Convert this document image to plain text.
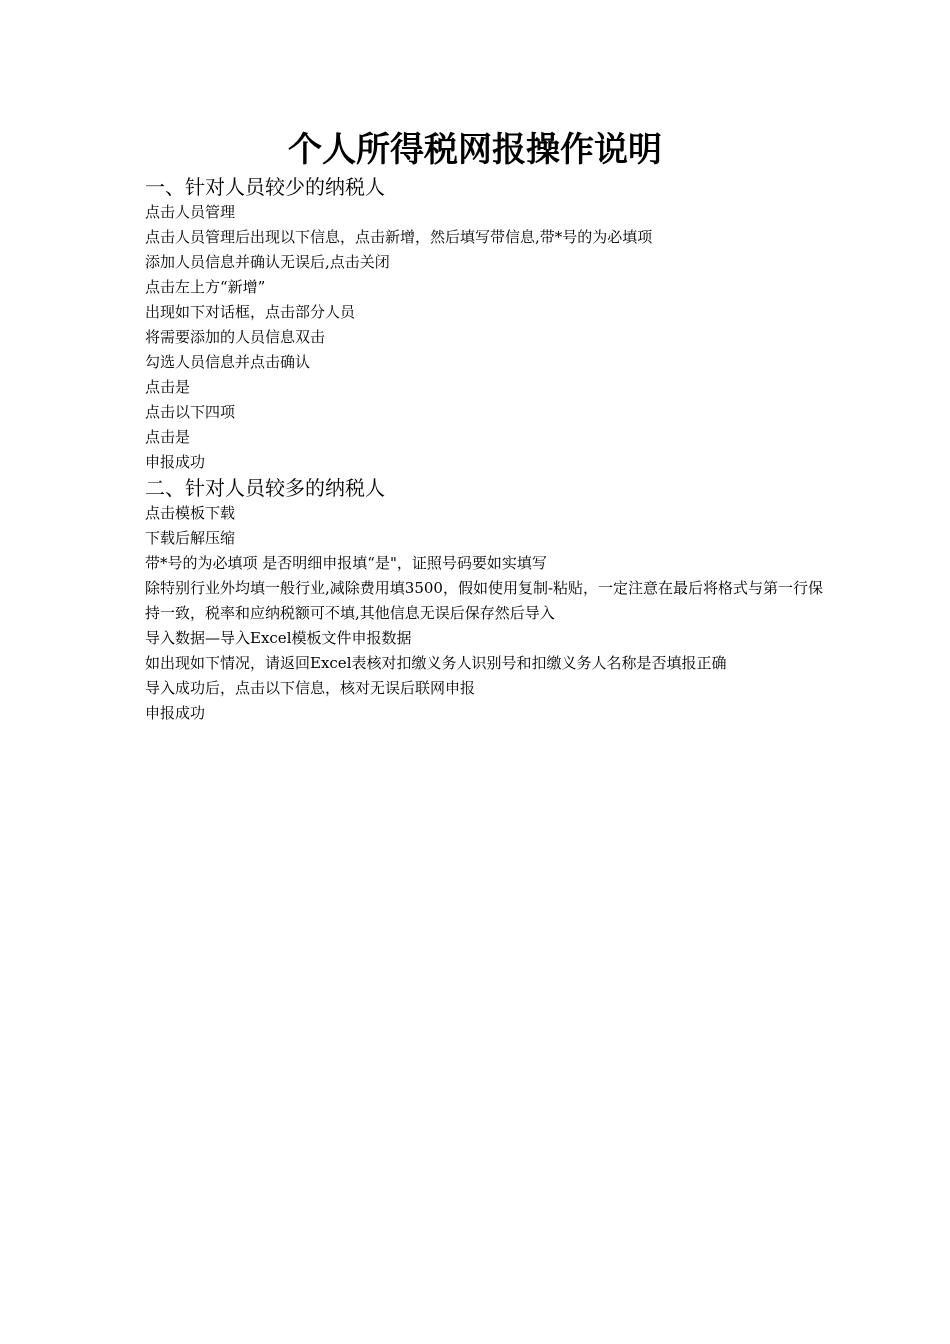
个人所得税网报操作说明
一、针对人员较少的纳税人

点击人员管理

点击人员管理后出现以下信息，点击新增，然后填写带信息,带*号的为必填项

添加人员信息并确认无误后,点击关闭

点击左上方“新增”

出现如下对话框，点击部分人员

将需要添加的人员信息双击

勾选人员信息并点击确认

点击是

点击以下四项

点击是

申报成功

二、针对人员较多的纳税人

点击模板下载

下载后解压缩

带*号的为必填项 是否明细申报填“是"，证照号码要如实填写

除特别行业外均填一般行业,减除费用填3500，假如使用复制-粘贴，一定注意在最后将格式与第一行保持一致，税率和应纳税额可不填,其他信息无误后保存然后导入

导入数据—导入Excel模板文件申报数据

如出现如下情况，请返回Excel表核对扣缴义务人识别号和扣缴义务人名称是否填报正确

导入成功后，点击以下信息，核对无误后联网申报

申报成功
